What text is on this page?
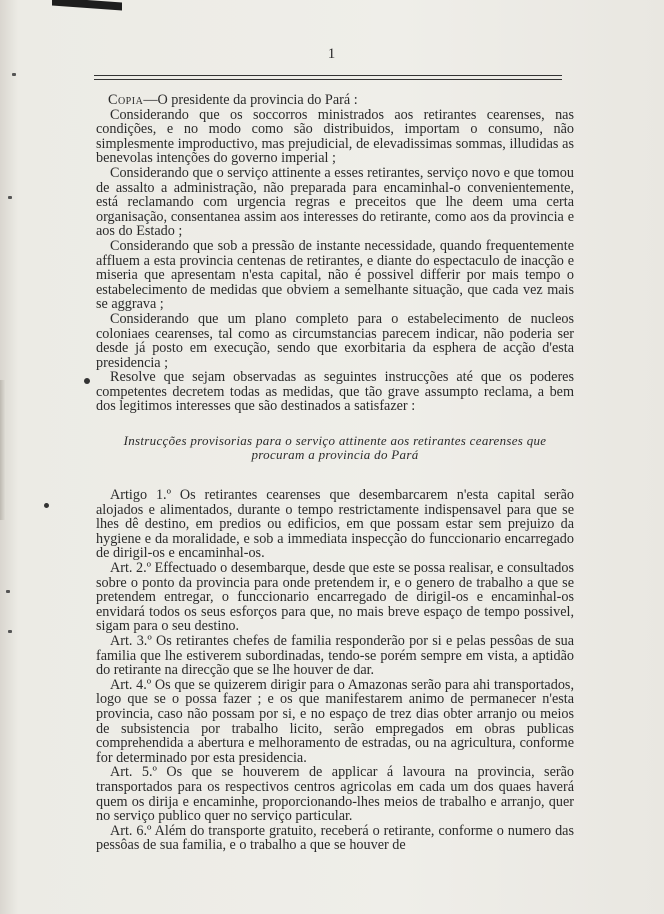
1

Copia—O presidente da provincia do Pará :

Considerando que os soccorros ministrados aos retirantes cearenses, nas condições, e no modo como são distribuidos, importam o consumo, não simplesmente improductivo, mas prejudicial, de elevadissimas sommas, illudidas as benevolas intenções do governo imperial ;

Considerando que o serviço attinente a esses retirantes, serviço novo e que tomou de assalto a administração, não preparada para encaminhal-o convenientemente, está reclamando com urgencia regras e preceitos que lhe deem uma certa organisação, consentanea assim aos interesses do retirante, como aos da provincia e aos do Estado ;

Considerando que sob a pressão de instante necessidade, quando frequentemente affluem a esta provincia centenas de retirantes, e diante do espectaculo de inacção e miseria que apresentam n'esta capital, não é possivel differir por mais tempo o estabelecimento de medidas que obviem a semelhante situação, que cada vez mais se aggrava ;

Considerando que um plano completo para o estabelecimento de nucleos coloniaes cearenses, tal como as circumstancias parecem indicar, não poderia ser desde já posto em execução, sendo que exorbitaria da esphera de acção d'esta presidencia ;

Resolve que sejam observadas as seguintes instrucções até que os poderes competentes decretem todas as medidas, que tão grave assumpto reclama, a bem dos legitimos interesses que são destinados a satisfazer :

Instrucções provisorias para o serviço attinente aos retirantes cearenses que procuram a provincia do Pará

Artigo 1.º Os retirantes cearenses que desembarcarem n'esta capital serão alojados e alimentados, durante o tempo restrictamente indispensavel para que se lhes dê destino, em predios ou edificios, em que possam estar sem prejuizo da hygiene e da moralidade, e sob a immediata inspecção do funccionario encarregado de dirigil-os e encaminhal-os.

Art. 2.º Effectuado o desembarque, desde que este se possa realisar, e consultados sobre o ponto da provincia para onde pretendem ir, e o genero de trabalho a que se pretendem entregar, o funccionario encarregado de dirigil-os e encaminhal-os envidará todos os seus esforços para que, no mais breve espaço de tempo possivel, sigam para o seu destino.

Art. 3.º Os retirantes chefes de familia responderão por si e pelas pessôas de sua familia que lhe estiverem subordinadas, tendo-se porém sempre em vista, a aptidão do retirante na direcção que se lhe houver de dar.

Art. 4.º Os que se quizerem dirigir para o Amazonas serão para ahi transportados, logo que se o possa fazer ; e os que manifestarem animo de permanecer n'esta provincia, caso não possam por si, e no espaço de trez dias obter arranjo ou meios de subsistencia por trabalho licito, serão empregados em obras publicas comprehendida a abertura e melhoramento de estradas, ou na agricultura, conforme for determinado por esta presidencia.

Art. 5.º Os que se houverem de applicar á lavoura na provincia, serão transportados para os respectivos centros agricolas em cada um dos quaes haverá quem os dirija e encaminhe, proporcionando-lhes meios de trabalho e arranjo, quer no serviço publico quer no serviço particular.

Art. 6.º Além do transporte gratuito, receberá o retirante, conforme o numero das pessôas de sua familia, e o trabalho a que se houver de
